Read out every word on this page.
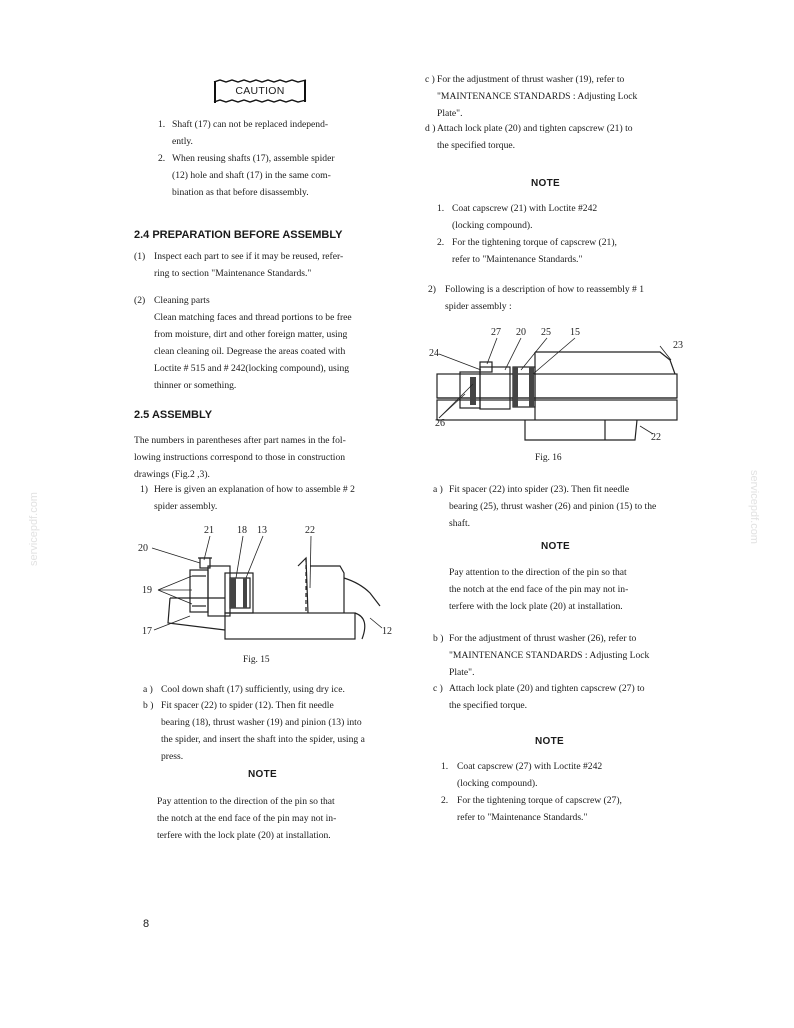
servicepdf.com	servicepdf.com
CAUTION
1. Shaft (17) can not be replaced independ-
ently.
2. When reusing shafts (17), assemble spider
(12) hole and shaft (17) in the same com-
bination as that before disassembly.
2.4 PREPARATION BEFORE ASSEMBLY
(1) Inspect each part to see if it may be reused, refer-
ring to section "Maintenance Standards."
(2) Cleaning parts
Clean matching faces and thread portions to be free
from moisture, dirt and other foreign matter, using
clean cleaning oil. Degrease the areas coated with
Loctite # 515 and # 242(locking compound), using
thinner or something.
2.5 ASSEMBLY
The numbers in parentheses after part names in the fol-
lowing instructions correspond to those in construction
drawings (Fig.2 ,3).
1) Here is given an explanation of how to assemble # 2
spider assembly.
21 18 13	22
20
19
17	12
Fig. 15
a ) Cool down shaft (17) sufficiently, using dry ice.
b ) Fit spacer (22) to spider (12). Then fit needle
bearing (18), thrust washer (19) and pinion (13) into
the spider, and insert the shaft into the spider, using a
press.
NOTE
Pay attention to the direction of the pin so that
the notch at the end face of the pin may not in-
terfere with the lock plate (20) at installation.
8
c ) For the adjustment of thrust washer (19), refer to
"MAINTENANCE STANDARDS : Adjusting Lock
Plate".
d ) Attach lock plate (20) and tighten capscrew (21) to
the specified torque.
NOTE
1. Coat capscrew (21) with Loctite #242
(locking compound).
2. For the tightening torque of capscrew (21),
refer to "Maintenance Standards."
2) Following is a description of how to reassembly # 1
spider assembly :
27 20 25 15
24
23
26
22
Fig. 16
a ) Fit spacer (22) into spider (23). Then fit needle
bearing (25), thrust washer (26) and pinion (15) to the
shaft.
NOTE
Pay attention to the direction of the pin so that
the notch at the end face of the pin may not in-
terfere with the lock plate (20) at installation.
b ) For the adjustment of thrust washer (26), refer to
"MAINTENANCE STANDARDS : Adjusting Lock
Plate".
c ) Attach lock plate (20) and tighten capscrew (27) to
the specified torque.
NOTE
1. Coat capscrew (27) with Loctite #242
(locking compound).
2. For the tightening torque of capscrew (27),
refer to "Maintenance Standards."
